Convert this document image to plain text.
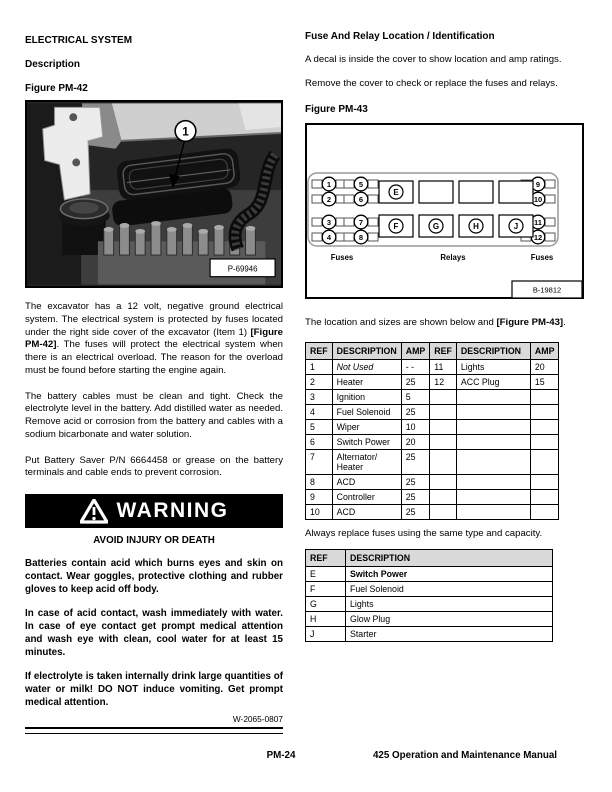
ELECTRICAL SYSTEM
Description
Figure PM-42
1
P-69946

The excavator has a 12 volt, negative ground electrical system. The electrical system is protected by fuses located under the right side cover of the excavator (Item 1) [Figure PM-42]. The fuses will protect the electrical system when there is an electrical overload. The reason for the overload must be found before starting the engine again.

The battery cables must be clean and tight. Check the electrolyte level in the battery. Add distilled water as needed. Remove acid or corrosion from the battery and cables with a sodium bicarbonate and water solution.

Put Battery Saver P/N 6664458 or grease on the battery terminals and cable ends to prevent corrosion.

WARNING
AVOID INJURY OR DEATH

Batteries contain acid which burns eyes and skin on contact. Wear goggles, protective clothing and rubber gloves to keep acid off body.

In case of acid contact, wash immediately with water. In case of eye contact get prompt medical attention and wash eye with clean, cool water for at least 15 minutes.

If electrolyte is taken internally drink large quantities of water or milk! DO NOT induce vomiting. Get prompt medical attention.

W-2065-0807
Fuse And Relay Location / Identification

A decal is inside the cover to show location and amp ratings.

Remove the cover to check or replace the fuses and relays.

Figure PM-43
1
2
3
4
5
6
7
8
9
10
11
12
E
F	G	H	J
Fuses	Relays	Fuses
B-19812

The location and sizes are shown below and [Figure PM-43].

REF	DESCRIPTION	AMP	REF	DESCRIPTION	AMP
1	Not Used	- -	11	Lights	20
2	Heater	25	12	ACC Plug	15
3	Ignition	5			
4	Fuel Solenoid	25			
5	Wiper	10			
6	Switch Power	20			
7	Alternator/ Heater	25			
8	ACD	25			
9	Controller	25			
10	ACD	25			

Always replace fuses using the same type and capacity.

REF	DESCRIPTION
E	Switch Power
F	Fuel Solenoid
G	Lights
H	Glow Plug
J	Starter
PM-24	425 Operation and Maintenance Manual
